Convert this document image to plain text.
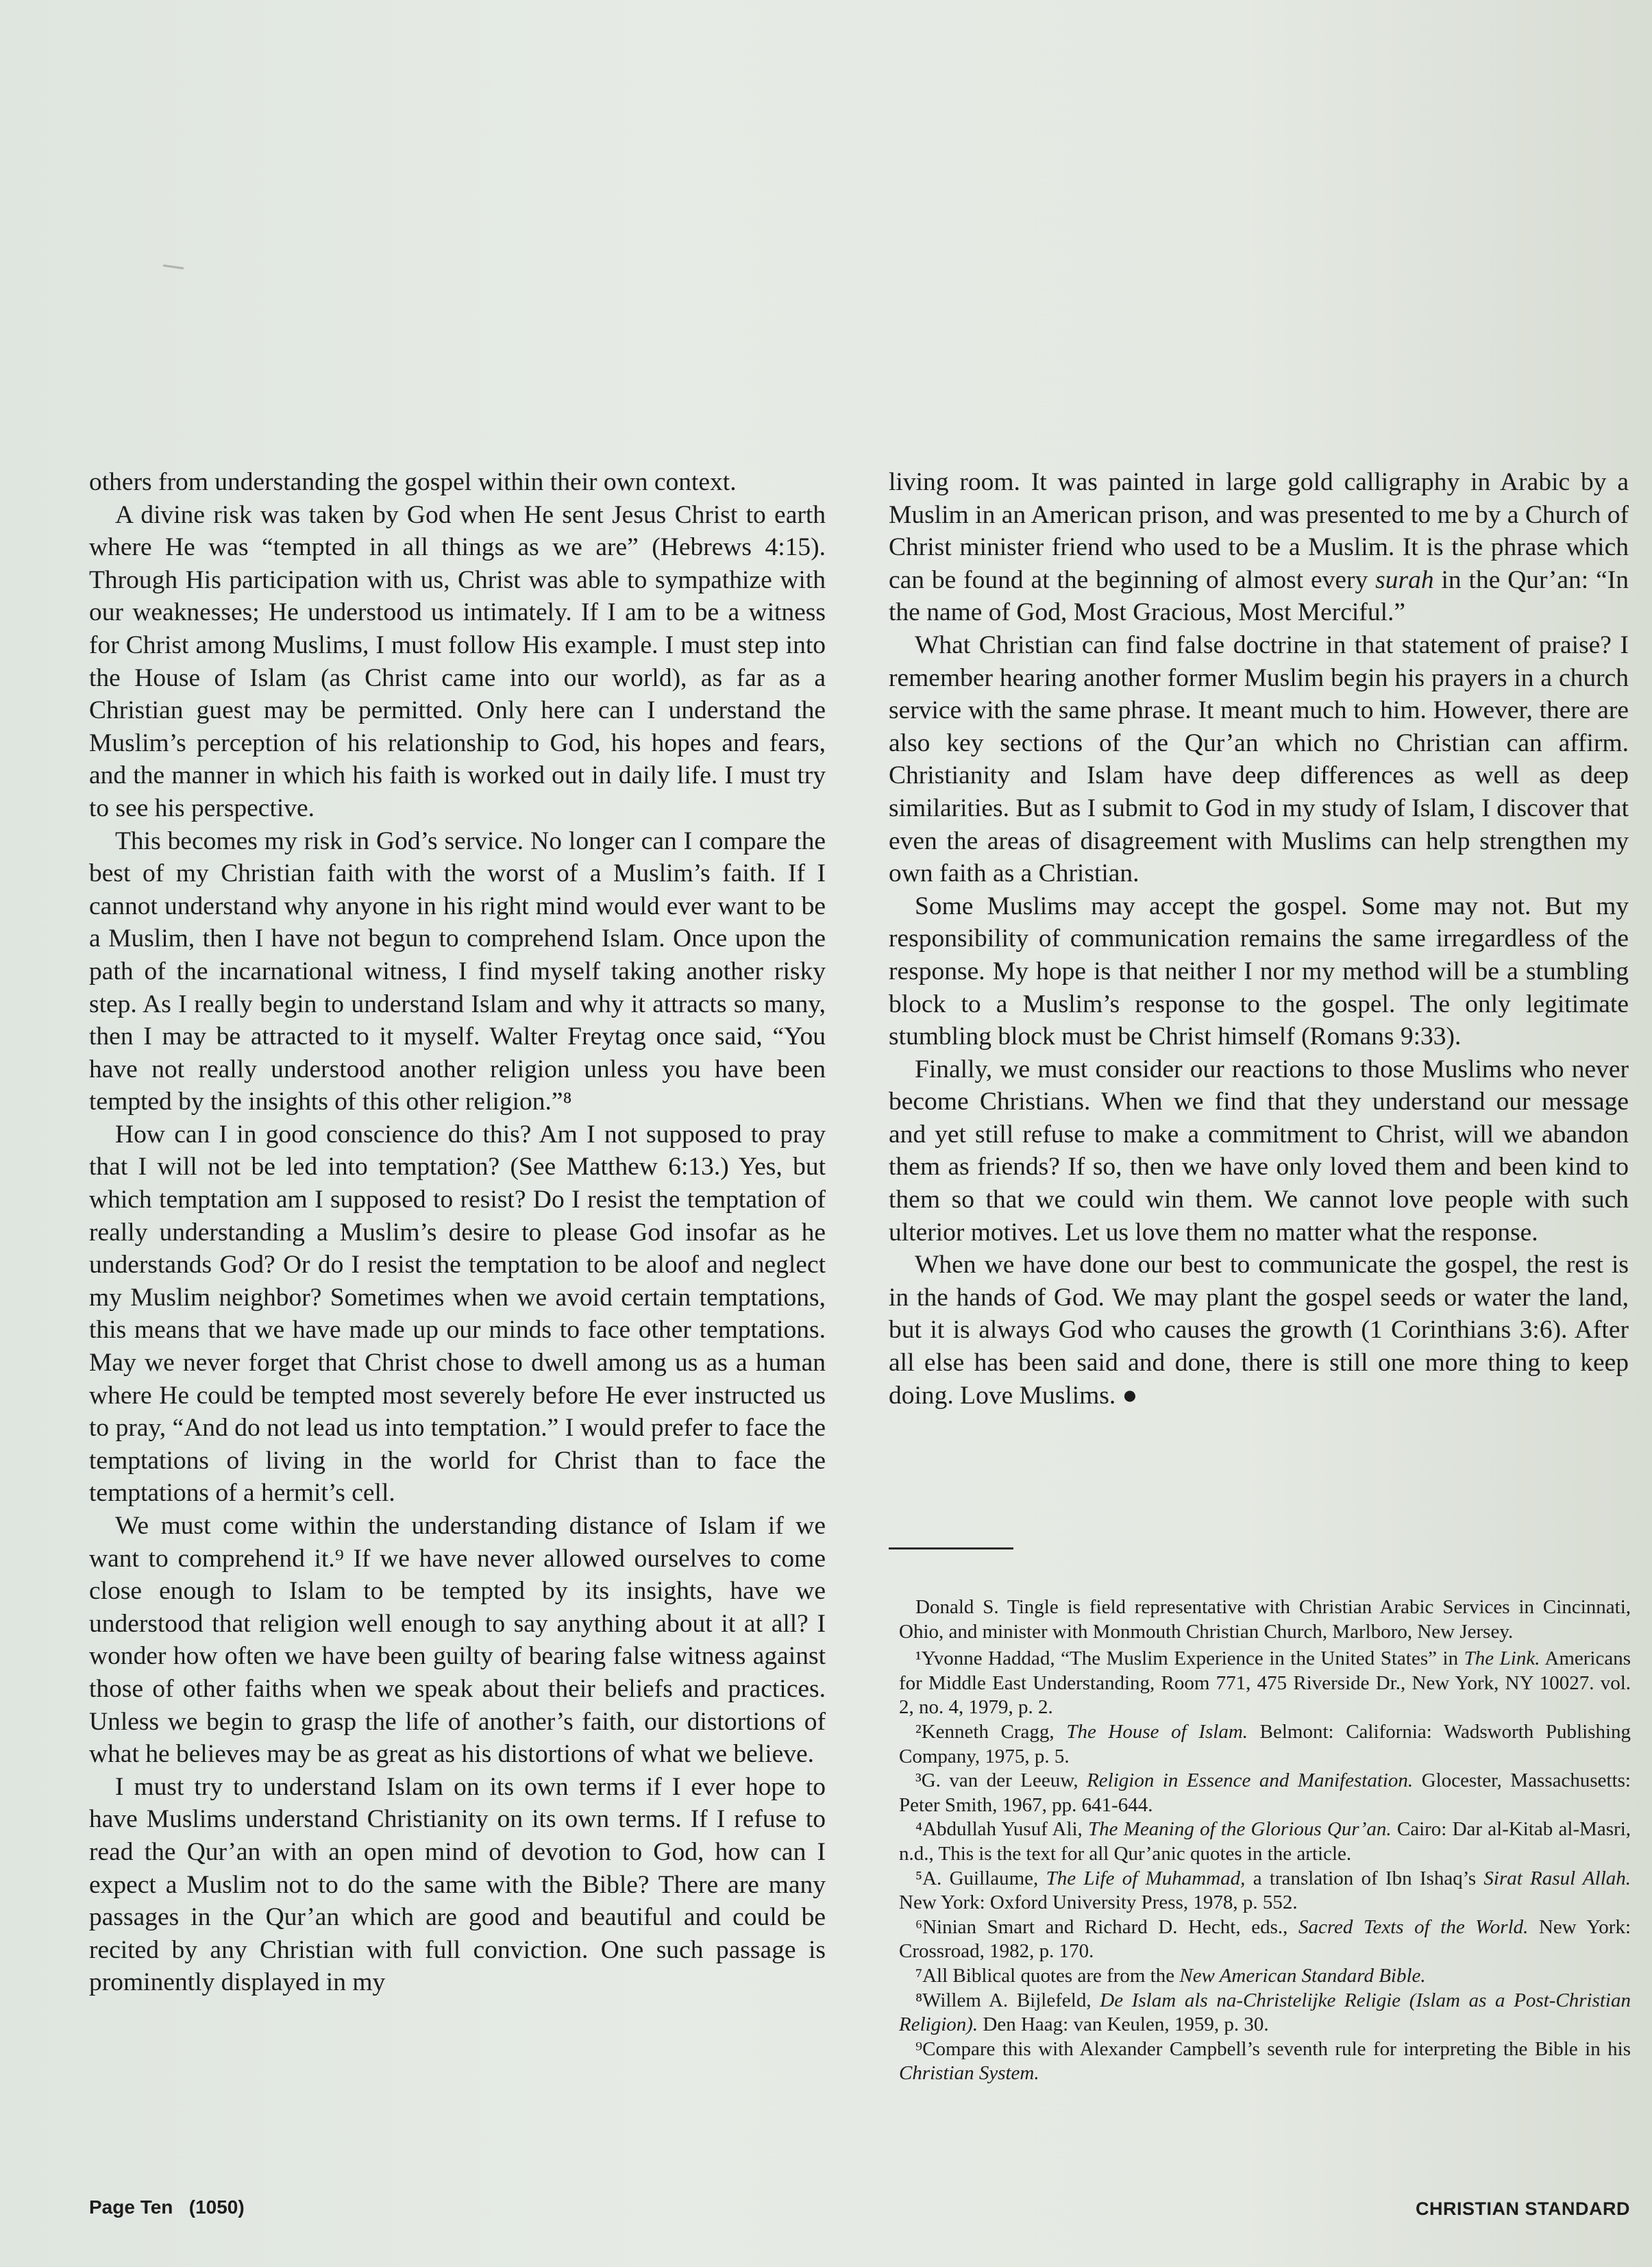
others from understanding the gospel within their own context.

A divine risk was taken by God when He sent Jesus Christ to earth where He was “tempted in all things as we are” (Hebrews 4:15). Through His participation with us, Christ was able to sympathize with our weaknesses; He understood us intimately. If I am to be a witness for Christ among Muslims, I must follow His example. I must step into the House of Islam (as Christ came into our world), as far as a Christian guest may be permitted. Only here can I understand the Muslim’s perception of his relationship to God, his hopes and fears, and the manner in which his faith is worked out in daily life. I must try to see his perspective.

This becomes my risk in God’s service. No longer can I compare the best of my Christian faith with the worst of a Muslim’s faith. If I cannot understand why anyone in his right mind would ever want to be a Muslim, then I have not begun to comprehend Islam. Once upon the path of the incarnational witness, I find myself taking another risky step. As I really begin to understand Islam and why it attracts so many, then I may be attracted to it myself. Walter Freytag once said, “You have not really understood another religion unless you have been tempted by the insights of this other religion.”⁸

How can I in good conscience do this? Am I not supposed to pray that I will not be led into temptation? (See Matthew 6:13.) Yes, but which temptation am I supposed to resist? Do I resist the temptation of really understanding a Muslim’s desire to please God insofar as he understands God? Or do I resist the temptation to be aloof and neglect my Muslim neighbor? Sometimes when we avoid certain temptations, this means that we have made up our minds to face other temptations. May we never forget that Christ chose to dwell among us as a human where He could be tempted most severely before He ever instructed us to pray, “And do not lead us into temptation.” I would prefer to face the temptations of living in the world for Christ than to face the temptations of a hermit’s cell.

We must come within the understanding distance of Islam if we want to comprehend it.⁹ If we have never allowed ourselves to come close enough to Islam to be tempted by its insights, have we understood that religion well enough to say anything about it at all? I wonder how often we have been guilty of bearing false witness against those of other faiths when we speak about their beliefs and practices. Unless we begin to grasp the life of another’s faith, our distortions of what he believes may be as great as his distortions of what we believe.

I must try to understand Islam on its own terms if I ever hope to have Muslims understand Christianity on its own terms. If I refuse to read the Qur’an with an open mind of devotion to God, how can I expect a Muslim not to do the same with the Bible? There are many passages in the Qur’an which are good and beautiful and could be recited by any Christian with full conviction. One such passage is prominently displayed in my

living room. It was painted in large gold calligraphy in Arabic by a Muslim in an American prison, and was presented to me by a Church of Christ minister friend who used to be a Muslim. It is the phrase which can be found at the beginning of almost every surah in the Qur’an: “In the name of God, Most Gracious, Most Merciful.”

What Christian can find false doctrine in that statement of praise? I remember hearing another former Muslim begin his prayers in a church service with the same phrase. It meant much to him. However, there are also key sections of the Qur’an which no Christian can affirm. Christianity and Islam have deep differences as well as deep similarities. But as I submit to God in my study of Islam, I discover that even the areas of disagreement with Muslims can help strengthen my own faith as a Christian.

Some Muslims may accept the gospel. Some may not. But my responsibility of communication remains the same irregardless of the response. My hope is that neither I nor my method will be a stumbling block to a Muslim’s response to the gospel. The only legitimate stumbling block must be Christ himself (Romans 9:33).

Finally, we must consider our reactions to those Muslims who never become Christians. When we find that they understand our message and yet still refuse to make a commitment to Christ, will we abandon them as friends? If so, then we have only loved them and been kind to them so that we could win them. We cannot love people with such ulterior motives. Let us love them no matter what the response.

When we have done our best to communicate the gospel, the rest is in the hands of God. We may plant the gospel seeds or water the land, but it is always God who causes the growth (1 Corinthians 3:6). After all else has been said and done, there is still one more thing to keep doing. Love Muslims. ●

Donald S. Tingle is field representative with Christian Arabic Services in Cincinnati, Ohio, and minister with Monmouth Christian Church, Marlboro, New Jersey.

¹Yvonne Haddad, “The Muslim Experience in the United States” in The Link. Americans for Middle East Understanding, Room 771, 475 Riverside Dr., New York, NY 10027. vol. 2, no. 4, 1979, p. 2.

²Kenneth Cragg, The House of Islam. Belmont: California: Wadsworth Publishing Company, 1975, p. 5.

³G. van der Leeuw, Religion in Essence and Manifestation. Glocester, Massachusetts: Peter Smith, 1967, pp. 641-644.

⁴Abdullah Yusuf Ali, The Meaning of the Glorious Qur’an. Cairo: Dar al-Kitab al-Masri, n.d., This is the text for all Qur’anic quotes in the article.

⁵A. Guillaume, The Life of Muhammad, a translation of Ibn Ishaq’s Sirat Rasul Allah. New York: Oxford University Press, 1978, p. 552.

⁶Ninian Smart and Richard D. Hecht, eds., Sacred Texts of the World. New York: Crossroad, 1982, p. 170.

⁷All Biblical quotes are from the New American Standard Bible.

⁸Willem A. Bijlefeld, De Islam als na-Christelijke Religie (Islam as a Post-Christian Religion). Den Haag: van Keulen, 1959, p. 30.

⁹Compare this with Alexander Campbell’s seventh rule for interpreting the Bible in his Christian System.

Page Ten   (1050)	CHRISTIAN STANDARD
